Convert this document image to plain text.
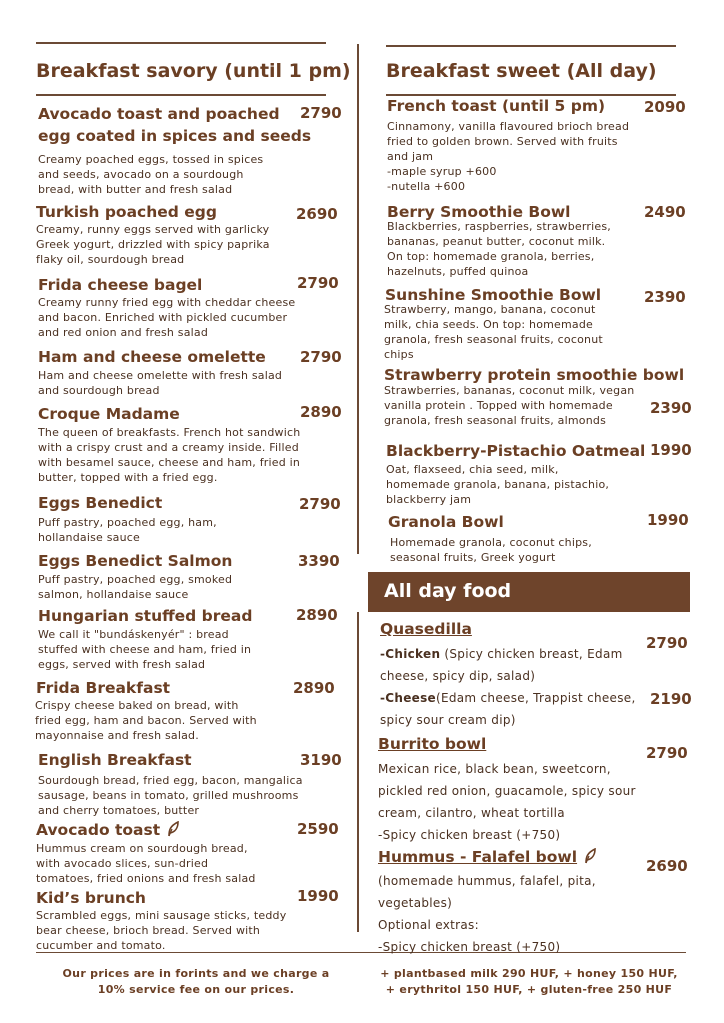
Breakfast savory (until 1 pm)
Avocado toast and poached
egg coated in spices and seeds
2790
Creamy poached eggs, tossed in spices
and seeds, avocado on a sourdough
bread, with butter and fresh salad
Turkish poached egg	2690
Creamy, runny eggs served with garlicky
Greek yogurt, drizzled with spicy paprika
flaky oil, sourdough bread
Frida cheese bagel	2790
Creamy runny fried egg with cheddar cheese
and bacon. Enriched with pickled cucumber
and red onion and fresh salad
Ham and cheese omelette 2790
Ham and cheese omelette with fresh salad
and sourdough bread
Croque Madame	2890
The queen of breakfasts. French hot sandwich
with a crispy crust and a creamy inside. Filled
with besamel sauce, cheese and ham, fried in
butter, topped with a fried egg.
Eggs Benedict	2790
Puff pastry, poached egg, ham,
hollandaise sauce
Eggs Benedict Salmon	3390
Puff pastry, poached egg, smoked
salmon, hollandaise sauce
Hungarian stuffed bread	2890
We call it "bundáskenyér" : bread
stuffed with cheese and ham, fried in
eggs, served with fresh salad
Frida Breakfast	2890
Crispy cheese baked on bread, with
fried egg, ham and bacon. Served with
mayonnaise and fresh salad.
English Breakfast	3190
Sourdough bread, fried egg, bacon, mangalica
sausage, beans in tomato, grilled mushrooms
and cherry tomatoes, butter
Avocado toast	2590
Hummus cream on sourdough bread,
with avocado slices, sun-dried
tomatoes, fried onions and fresh salad
Kid’s brunch	1990
Scrambled eggs, mini sausage sticks, teddy
bear cheese, brioch bread. Served with
cucumber and tomato.
Breakfast sweet (All day)
French toast (until 5 pm)	2090
Cinnamony, vanilla flavoured brioch bread
fried to golden brown. Served with fruits
and jam
-maple syrup +600
-nutella +600
Berry Smoothie Bowl	2490
Blackberries, raspberries, strawberries,
bananas, peanut butter, coconut milk.
On top: homemade granola, berries,
hazelnuts, puffed quinoa
Sunshine Smoothie Bowl	2390
Strawberry, mango, banana, coconut
milk, chia seeds. On top: homemade
granola, fresh seasonal fruits, coconut
chips
Strawberry protein smoothie bowl
2390
Strawberries, bananas, coconut milk, vegan
vanilla protein . Topped with homemade
granola, fresh seasonal fruits, almonds
Blackberry-Pistachio Oatmeal 1990
Oat, flaxseed, chia seed, milk,
homemade granola, banana, pistachio,
blackberry jam
Granola Bowl	1990
Homemade granola, coconut chips,
seasonal fruits, Greek yogurt
All day food
Quasedilla
2790
-Chicken (Spicy chicken breast, Edam
cheese, spicy dip, salad)
-Cheese(Edam cheese, Trappist cheese,
spicy sour cream dip)
2190
Burrito bowl	2790
Mexican rice, black bean, sweetcorn,
pickled red onion, guacamole, spicy sour
cream, cilantro, wheat tortilla
-Spicy chicken breast (+750)
Hummus - Falafel bowl	2690
(homemade hummus, falafel, pita,
vegetables)
Optional extras:
-Spicy chicken breast (+750)
Our prices are in forints and we charge a
10% service fee on our prices.
+ plantbased milk 290 HUF, + honey 150 HUF,
+ erythritol 150 HUF, + gluten-free 250 HUF
